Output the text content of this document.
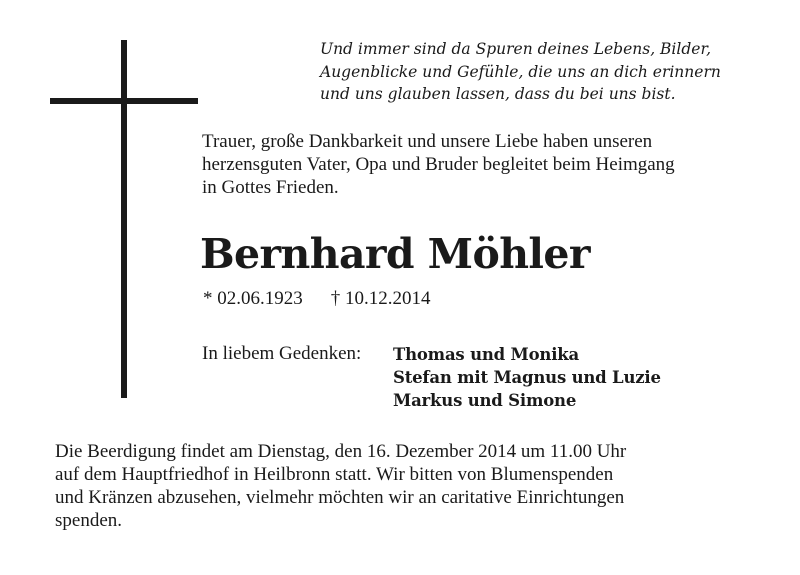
Und immer sind da Spuren deines Lebens, Bilder,
Augenblicke und Gefühle, die uns an dich erinnern
und uns glauben lassen, dass du bei uns bist.
Trauer, große Dankbarkeit und unsere Liebe haben unseren
herzensguten Vater, Opa und Bruder begleitet beim Heimgang
in Gottes Frieden.
Bernhard Möhler
* 02.06.1923 † 10.12.2014
In liebem Gedenken: Thomas und Monika
Stefan mit Magnus und Luzie
Markus und Simone
Die Beerdigung findet am Dienstag, den 16. Dezember 2014 um 11.00 Uhr
auf dem Hauptfriedhof in Heilbronn statt. Wir bitten von Blumenspenden
und Kränzen abzusehen, vielmehr möchten wir an caritative Einrichtungen
spenden.
